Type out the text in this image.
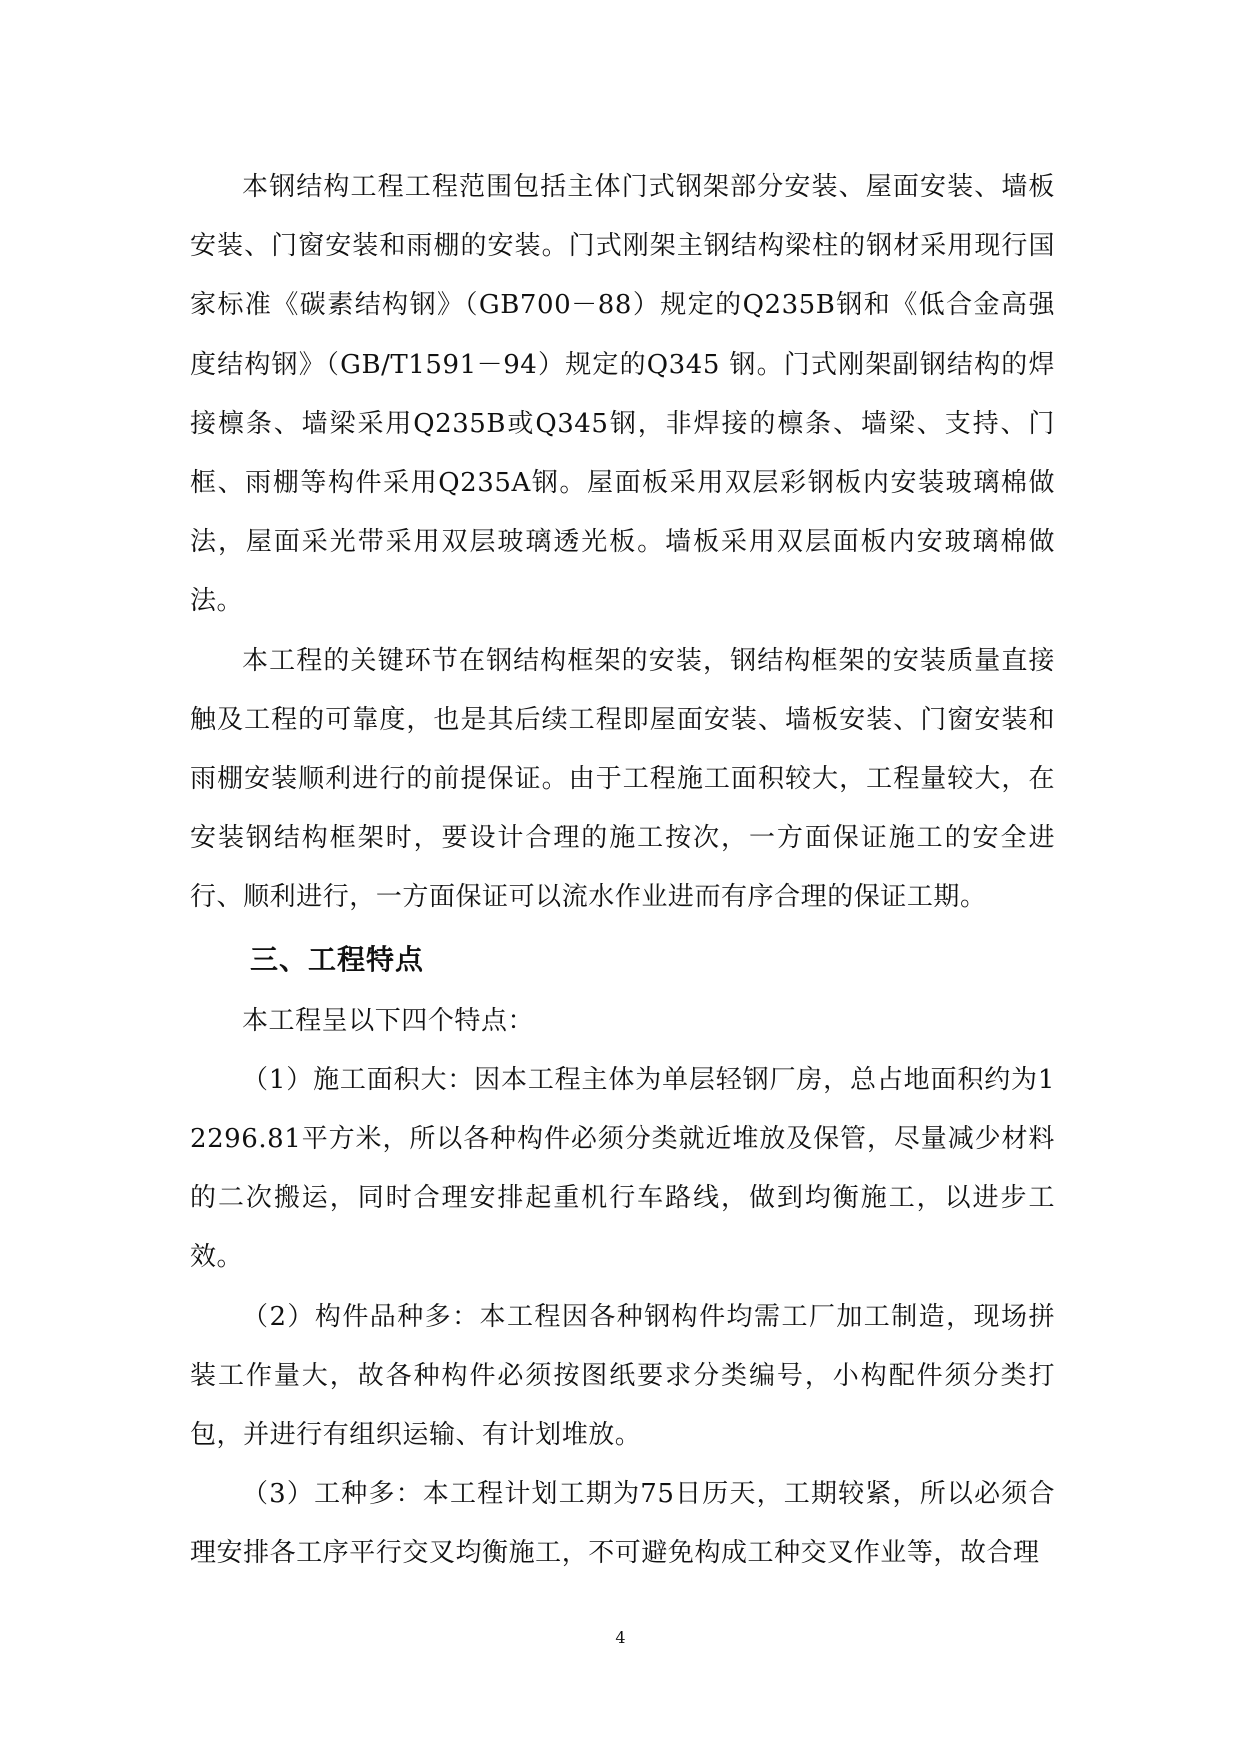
本钢结构工程工程范围包括主体门式钢架部分安装、屋面安装、墙板安装、门窗安装和雨棚的安装。门式刚架主钢结构梁柱的钢材采用现行国家标准《碳素结构钢》（GB700－88）规定的Q235B钢和《低合金高强度结构钢》（GB/T1591－94）规定的Q345 钢。门式刚架副钢结构的焊接檩条、墙梁采用Q235B或Q345钢，非焊接的檩条、墙梁、支持、门框、雨棚等构件采用Q235A钢。屋面板采用双层彩钢板内安装玻璃棉做法，屋面采光带采用双层玻璃透光板。墙板采用双层面板内安玻璃棉做法。

本工程的关键环节在钢结构框架的安装，钢结构框架的安装质量直接触及工程的可靠度，也是其后续工程即屋面安装、墙板安装、门窗安装和雨棚安装顺利进行的前提保证。由于工程施工面积较大，工程量较大，在安装钢结构框架时，要设计合理的施工按次，一方面保证施工的安全进行、顺利进行，一方面保证可以流水作业进而有序合理的保证工期。

三、工程特点

本工程呈以下四个特点：

（1）施工面积大：因本工程主体为单层轻钢厂房，总占地面积约为12296.81平方米，所以各种构件必须分类就近堆放及保管，尽量减少材料的二次搬运，同时合理安排起重机行车路线，做到均衡施工，以进步工效。

（2）构件品种多：本工程因各种钢构件均需工厂加工制造，现场拼装工作量大，故各种构件必须按图纸要求分类编号，小构配件须分类打包，并进行有组织运输、有计划堆放。

（3）工种多：本工程计划工期为75日历天，工期较紧，所以必须合理安排各工序平行交叉均衡施工，不可避免构成工种交叉作业等，故合理

4
